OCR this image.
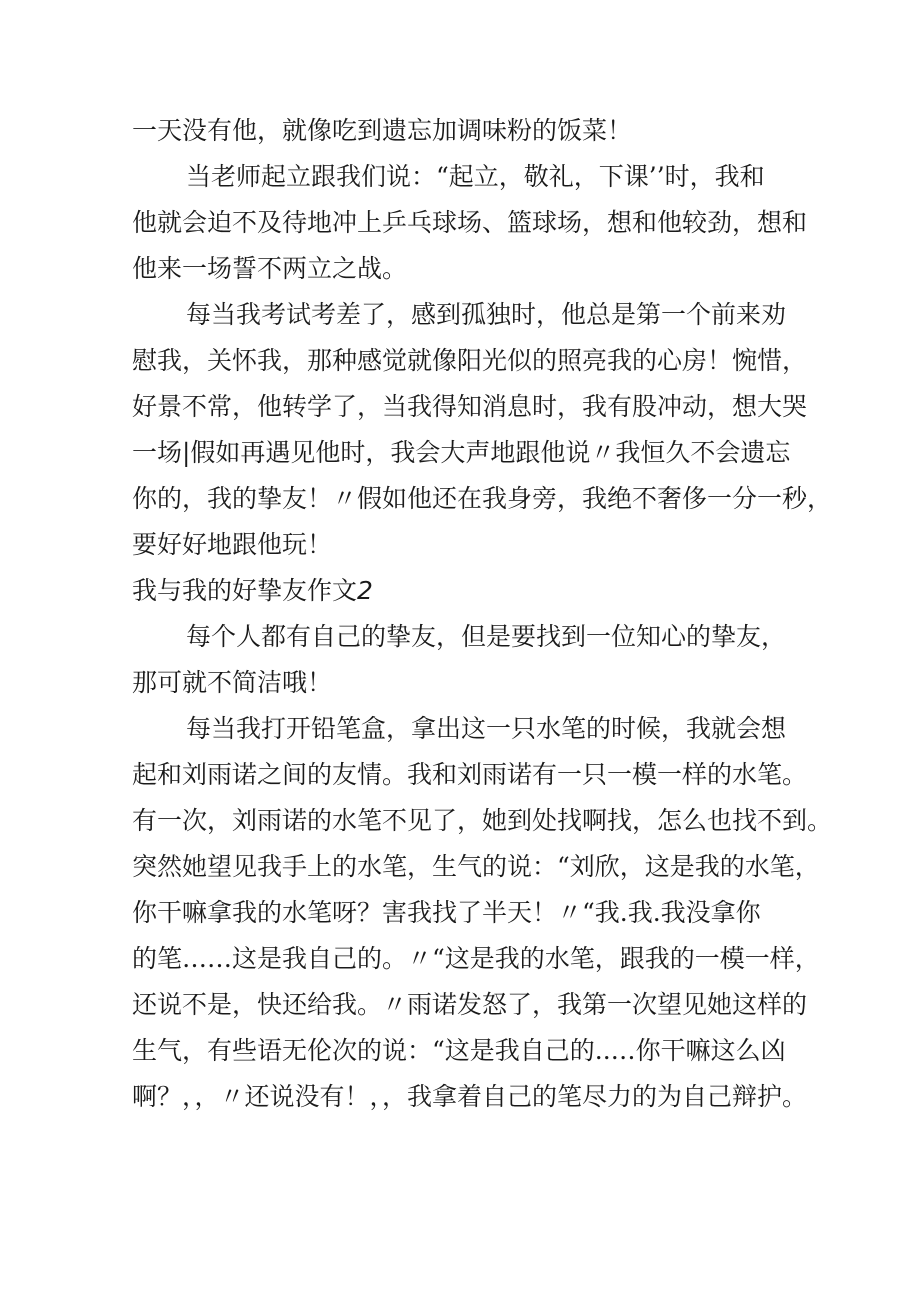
一天没有他，就像吃到遗忘加调味粉的饭菜！
当老师起立跟我们说：“起立，敬礼，下课’’时，我和
他就会迫不及待地冲上乒乓球场、篮球场，想和他较劲，想和
他来一场誓不两立之战。
每当我考试考差了，感到孤独时，他总是第一个前来劝
慰我，关怀我，那种感觉就像阳光似的照亮我的心房！惋惜，
好景不常，他转学了，当我得知消息时，我有股冲动，想大哭
一场|假如再遇见他时，我会大声地跟他说〃我恒久不会遗忘
你的，我的挚友！〃假如他还在我身旁，我绝不奢侈一分一秒，
要好好地跟他玩！
我与我的好挚友作文2
每个人都有自己的挚友，但是要找到一位知心的挚友，
那可就不简洁哦！
每当我打开铅笔盒，拿出这一只水笔的时候，我就会想
起和刘雨诺之间的友情。我和刘雨诺有一只一模一样的水笔。
有一次，刘雨诺的水笔不见了，她到处找啊找，怎么也找不到。
突然她望见我手上的水笔，生气的说：“刘欣，这是我的水笔，
你干嘛拿我的水笔呀？害我找了半天！〃“我.我.我没拿你
的笔……这是我自己的。〃“这是我的水笔，跟我的一模一样，
还说不是，快还给我。〃雨诺发怒了，我第一次望见她这样的
生气，有些语无伦次的说：“这是我自己的..…你干嘛这么凶
啊？，，〃还说没有！，，我拿着自己的笔尽力的为自己辩护。
